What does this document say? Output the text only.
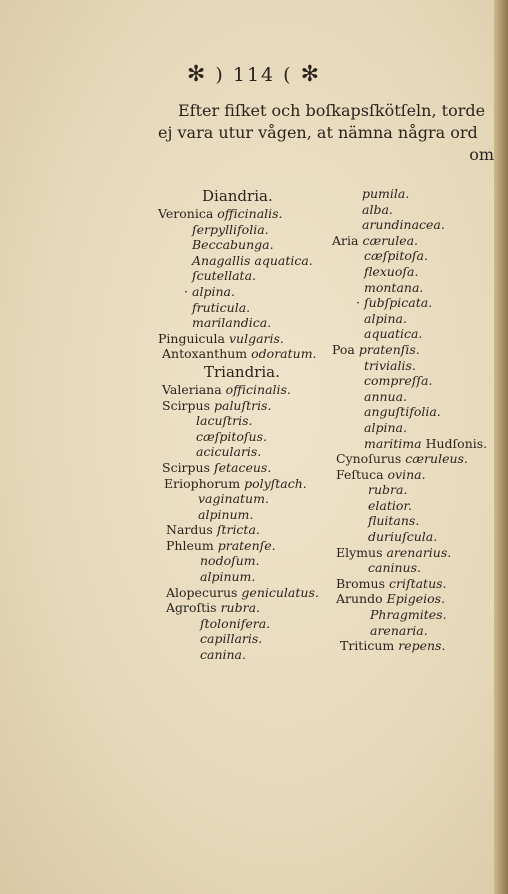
✻ ) 114 ( ✻
Efter fiſket och boſkapsſkötſeln, torde
ej vara utur vågen, at nämna några ord
om
Diandria.
Veronica officinalis.
ſerpyllifolia.
Beccabunga.
Anagallis aquatica.
ſcutellata.
· alpina.
fruticula.
marilandica.
Pinguicula vulgaris.
Antoxanthum odoratum.
Triandria.
Valeriana officinalis.
Scirpus paluſtris.
lacuſtris.
cæſpitoſus.
acicularis.
Scirpus ſetaceus.
Eriophorum polyſtach.
vaginatum.
alpinum.
Nardus ſtricta.
Phleum pratenſe.
nodoſum.
alpinum.
Alopecurus geniculatus.
Agroſtis rubra.
ſtolonifera.
capillaris.
canina.
pumila.
alba.
arundinacea.
Aria cærulea.
cæſpitoſa.
flexuoſa.
montana.
· ſubſpicata.
alpina.
aquatica.
Poa pratenſis.
trivialis.
compreſſa.
annua.
anguſtifolia.
alpina.
maritima Hudſonis.
Cynoſurus cæruleus.
Feſtuca ovina.
rubra.
elatior.
fluitans.
duriuſcula.
Elymus arenarius.
caninus.
Bromus criſtatus.
Arundo Epigeios.
Phragmites.
arenaria.
Triticum repens.
